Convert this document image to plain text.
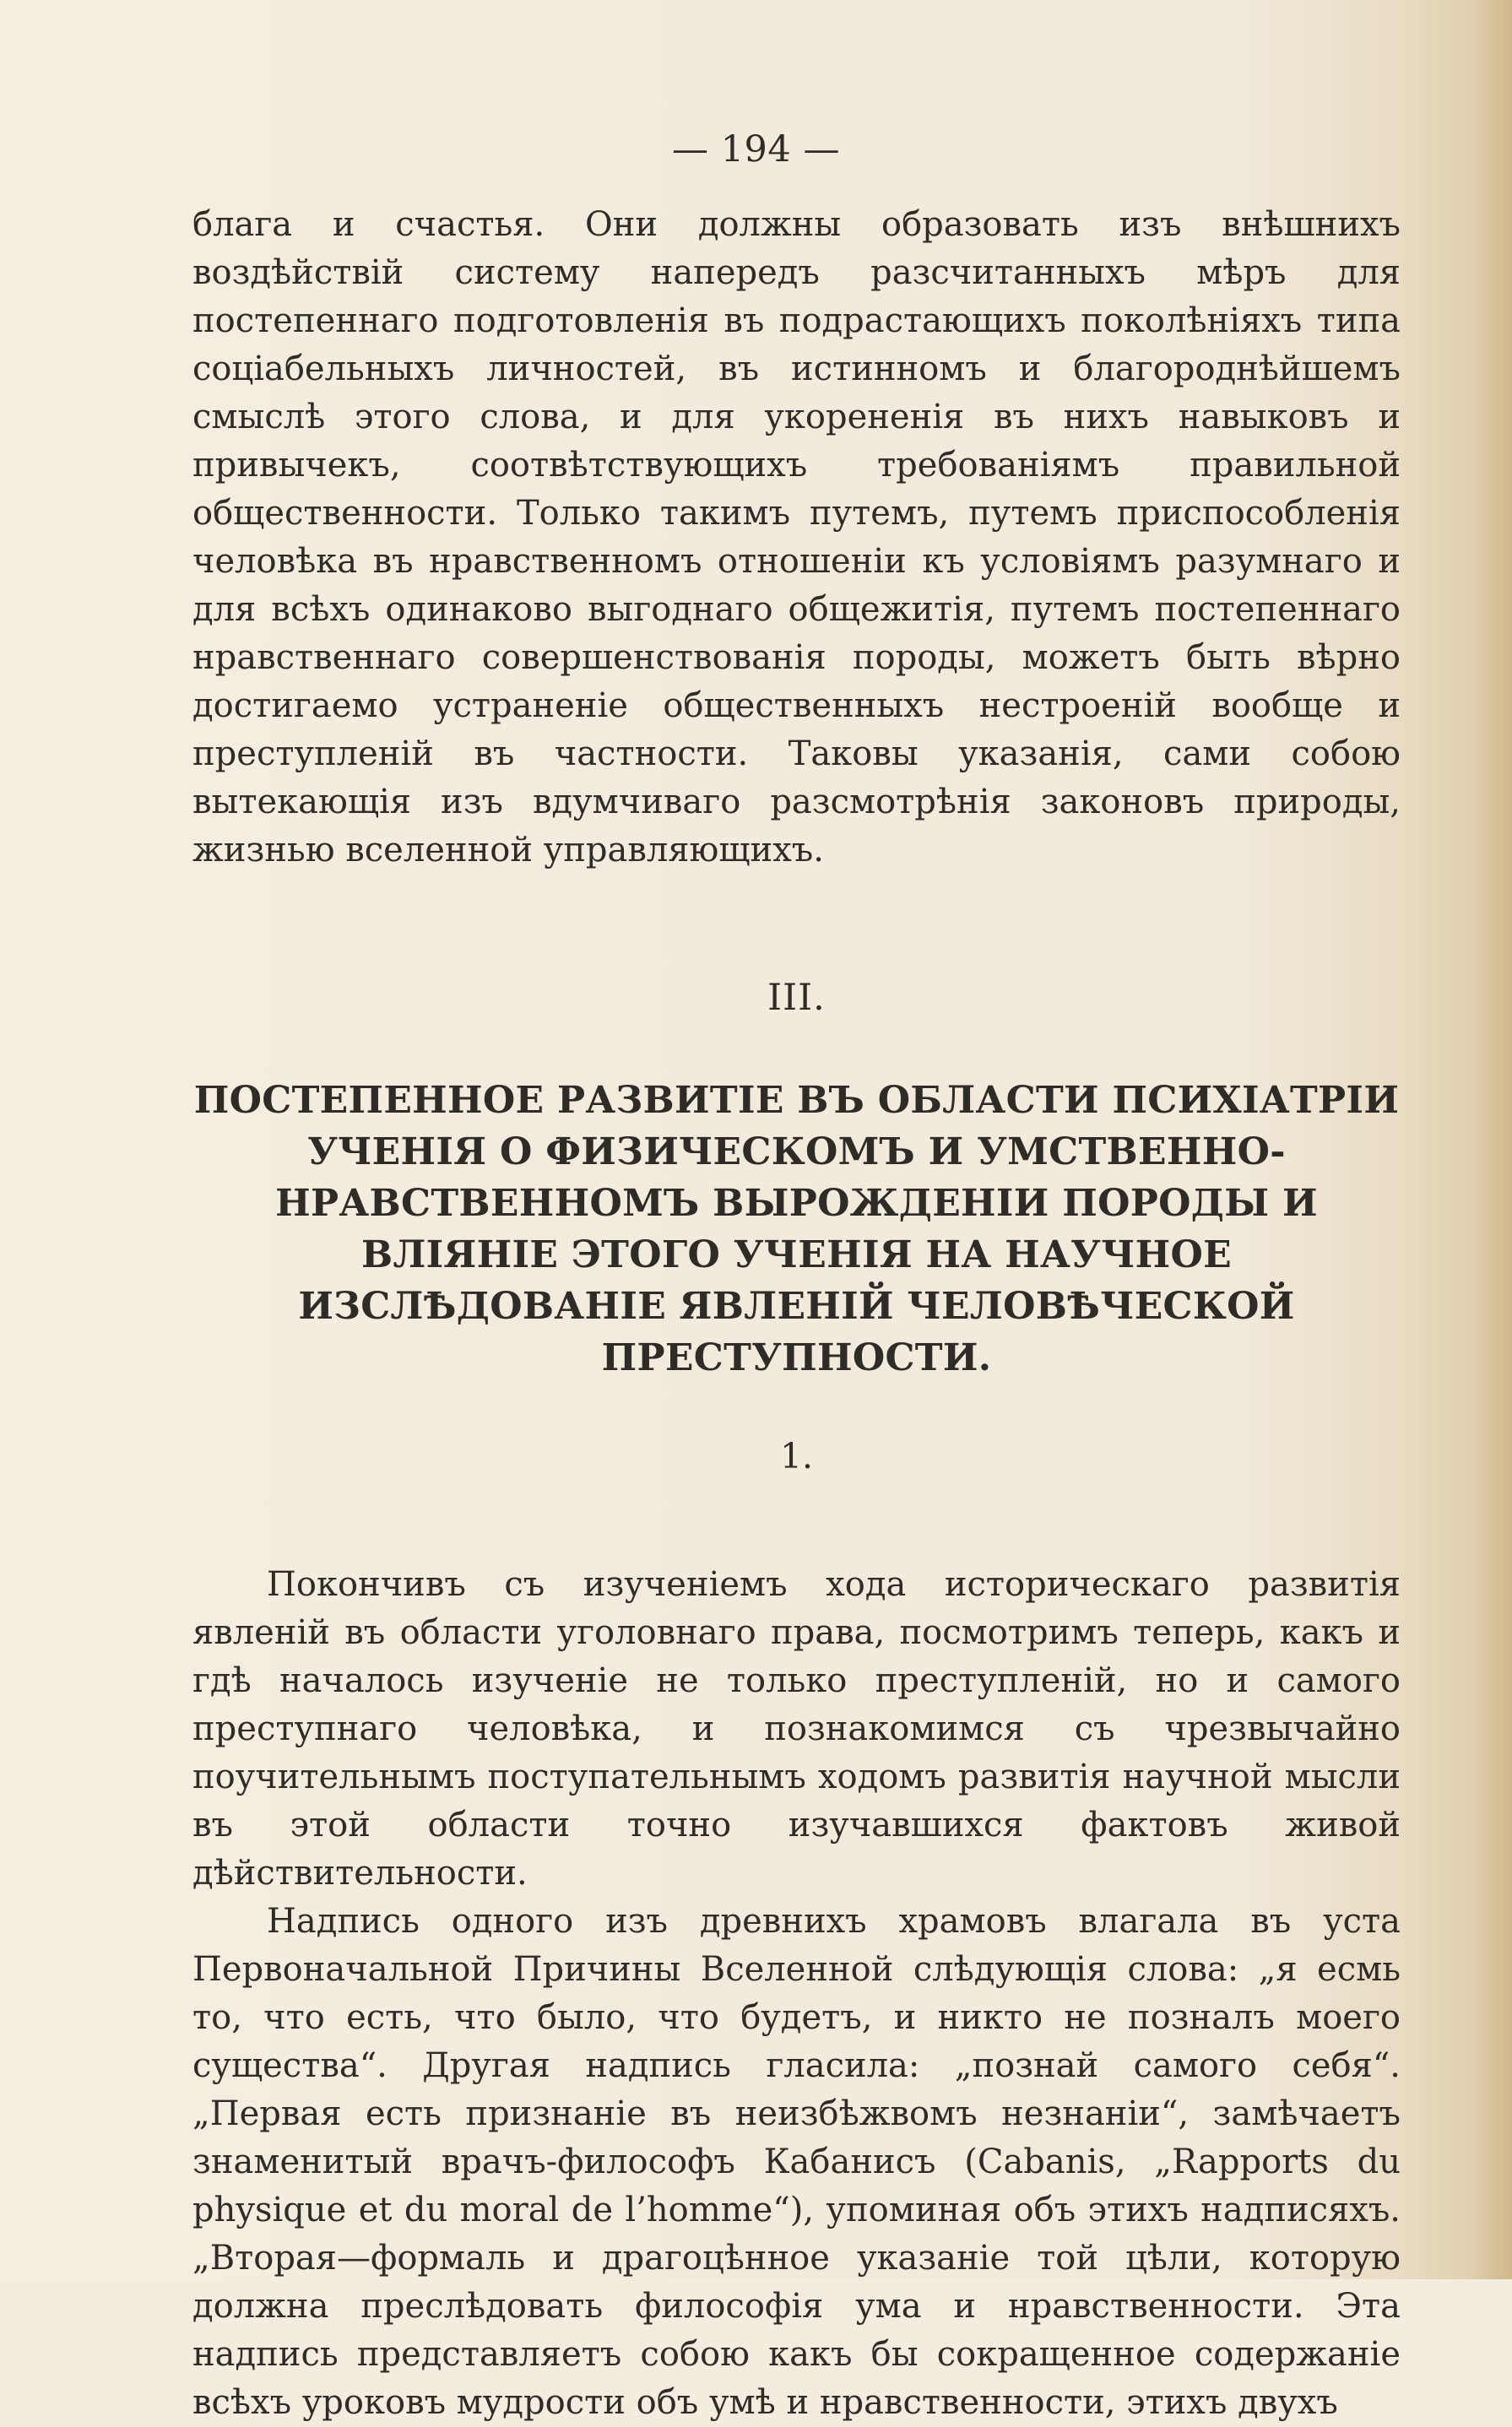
— 194 —

блага и счастья. Они должны образовать изъ внѣшнихъ воздѣйствій систему напередъ разсчитанныхъ мѣръ для постепеннаго подготовленія въ подрастающихъ поколѣніяхъ типа соціабельныхъ личностей, въ истинномъ и благороднѣйшемъ смыслѣ этого слова, и для укорененія въ нихъ навыковъ и привычекъ, соотвѣтствующихъ требованіямъ правильной общественности. Только такимъ путемъ, путемъ приспособленія человѣка въ нравственномъ отношеніи къ условіямъ разумнаго и для всѣхъ одинаково выгоднаго общежитія, путемъ постепеннаго нравственнаго совершенствованія породы, можетъ быть вѣрно достигаемо устраненіе общественныхъ нестроеній вообще и преступленій въ частности. Таковы указанія, сами собою вытекающія изъ вдумчиваго разсмотрѣнія законовъ природы, жизнью вселенной управляющихъ.

III.
ПОСТЕПЕННОЕ РАЗВИТІЕ ВЪ ОБЛАСТИ ПСИХІАТРІИ УЧЕНІЯ О ФИЗИЧЕСКОМЪ И УМСТВЕННО-НРАВСТВЕННОМЪ ВЫРОЖДЕНІИ ПОРОДЫ И ВЛІЯНІЕ ЭТОГО УЧЕНІЯ НА НАУЧНОЕ ИЗСЛѢДОВАНІЕ ЯВЛЕНІЙ ЧЕЛОВѢЧЕСКОЙ ПРЕСТУПНОСТИ.
1.

Покончивъ съ изученіемъ хода историческаго развитія явленій въ области уголовнаго права, посмотримъ теперь, какъ и гдѣ началось изученіе не только преступленій, но и самого преступнаго человѣка, и познакомимся съ чрезвычайно поучительнымъ поступательнымъ ходомъ развитія научной мысли въ этой области точно изучавшихся фактовъ живой дѣйствительности.

Надпись одного изъ древнихъ храмовъ влагала въ уста Первоначальной Причины Вселенной слѣдующія слова: „я есмь то, что есть, что было, что будетъ, и никто не позналъ моего существа“. Другая надпись гласила: „познай самого себя“. „Первая есть признаніе въ неизбѣжвомъ незнаніи“, замѣчаетъ знаменитый врачъ-философъ Кабанисъ (Cabanis, „Rapports du physique et du moral de l’homme“), упоминая объ этихъ надписяхъ. „Вторая—формаль и драгоцѣнное указаніе той цѣли, которую должна преслѣдовать философія ума и нравственности. Эта надпись представляетъ собою какъ бы сокращенное содержаніе всѣхъ уроковъ мудрости объ умѣ и нравственности, этихъ двухъ
